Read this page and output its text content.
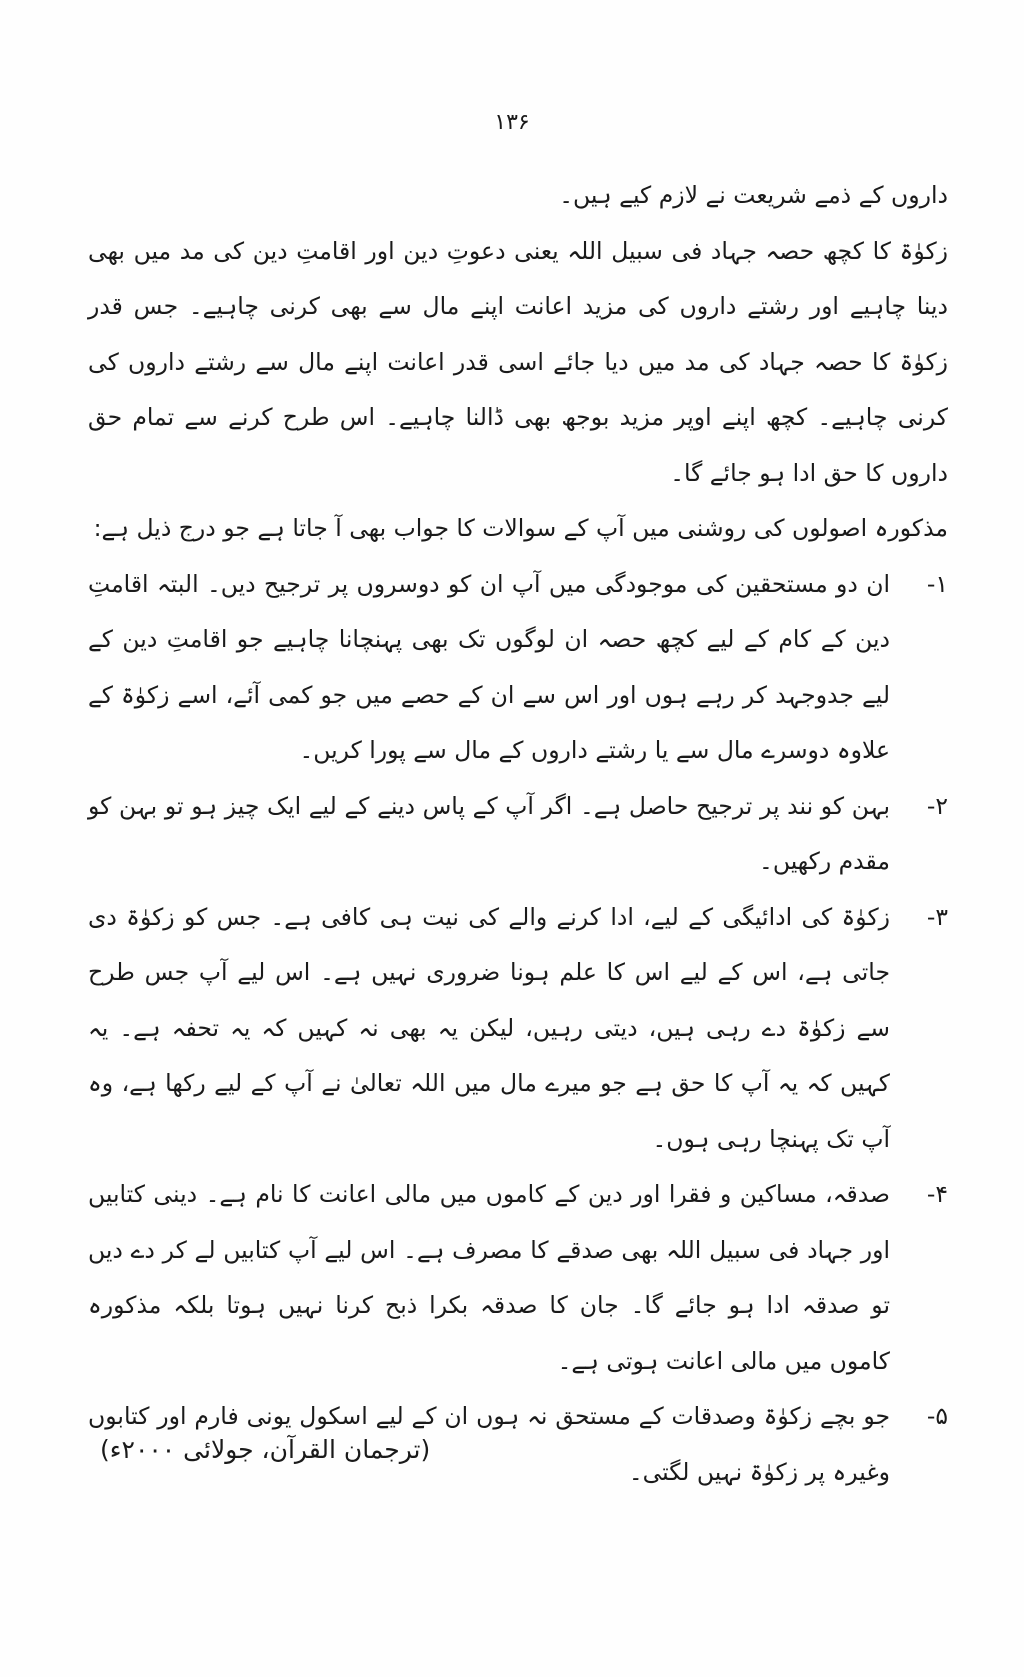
۱۳۶

داروں کے ذمے شریعت نے لازم کیے ہیں۔

زکوٰۃ کا کچھ حصہ جہاد فی سبیل اللہ یعنی دعوتِ دین اور اقامتِ دین کی مد میں بھی دینا چاہیے اور رشتے داروں کی مزید اعانت اپنے مال سے بھی کرنی چاہیے۔ جس قدر زکوٰۃ کا حصہ جہاد کی مد میں دیا جائے اسی قدر اعانت اپنے مال سے رشتے داروں کی کرنی چاہیے۔ کچھ اپنے اوپر مزید بوجھ بھی ڈالنا چاہیے۔ اس طرح کرنے سے تمام حق داروں کا حق ادا ہو جائے گا۔

مذکورہ اصولوں کی روشنی میں آپ کے سوالات کا جواب بھی آ جاتا ہے جو درج ذیل ہے:

۱-
ان دو مستحقین کی موجودگی میں آپ ان کو دوسروں پر ترجیح دیں۔ البتہ اقامتِ دین کے کام کے لیے کچھ حصہ ان لوگوں تک بھی پہنچانا چاہیے جو اقامتِ دین کے لیے جدوجہد کر رہے ہوں اور اس سے ان کے حصے میں جو کمی آئے، اسے زکوٰۃ کے علاوہ دوسرے مال سے یا رشتے داروں کے مال سے پورا کریں۔
۲-
بہن کو نند پر ترجیح حاصل ہے۔ اگر آپ کے پاس دینے کے لیے ایک چیز ہو تو بہن کو مقدم رکھیں۔
۳-
زکوٰۃ کی ادائیگی کے لیے، ادا کرنے والے کی نیت ہی کافی ہے۔ جس کو زکوٰۃ دی جاتی ہے، اس کے لیے اس کا علم ہونا ضروری نہیں ہے۔ اس لیے آپ جس طرح سے زکوٰۃ دے رہی ہیں، دیتی رہیں، لیکن یہ بھی نہ کہیں کہ یہ تحفہ ہے۔ یہ کہیں کہ یہ آپ کا حق ہے جو میرے مال میں اللہ تعالیٰ نے آپ کے لیے رکھا ہے، وہ آپ تک پہنچا رہی ہوں۔
۴-
صدقہ، مساکین و فقرا اور دین کے کاموں میں مالی اعانت کا نام ہے۔ دینی کتابیں اور جہاد فی سبیل اللہ بھی صدقے کا مصرف ہے۔ اس لیے آپ کتابیں لے کر دے دیں تو صدقہ ادا ہو جائے گا۔ جان کا صدقہ بکرا ذبح کرنا نہیں ہوتا بلکہ مذکورہ کاموں میں مالی اعانت ہوتی ہے۔
۵-
جو بچے زکوٰۃ وصدقات کے مستحق نہ ہوں ان کے لیے اسکول یونی فارم اور کتابوں وغیرہ پر زکوٰۃ نہیں لگتی۔
(ترجمان القرآن، جولائی ۲۰۰۰ء)
